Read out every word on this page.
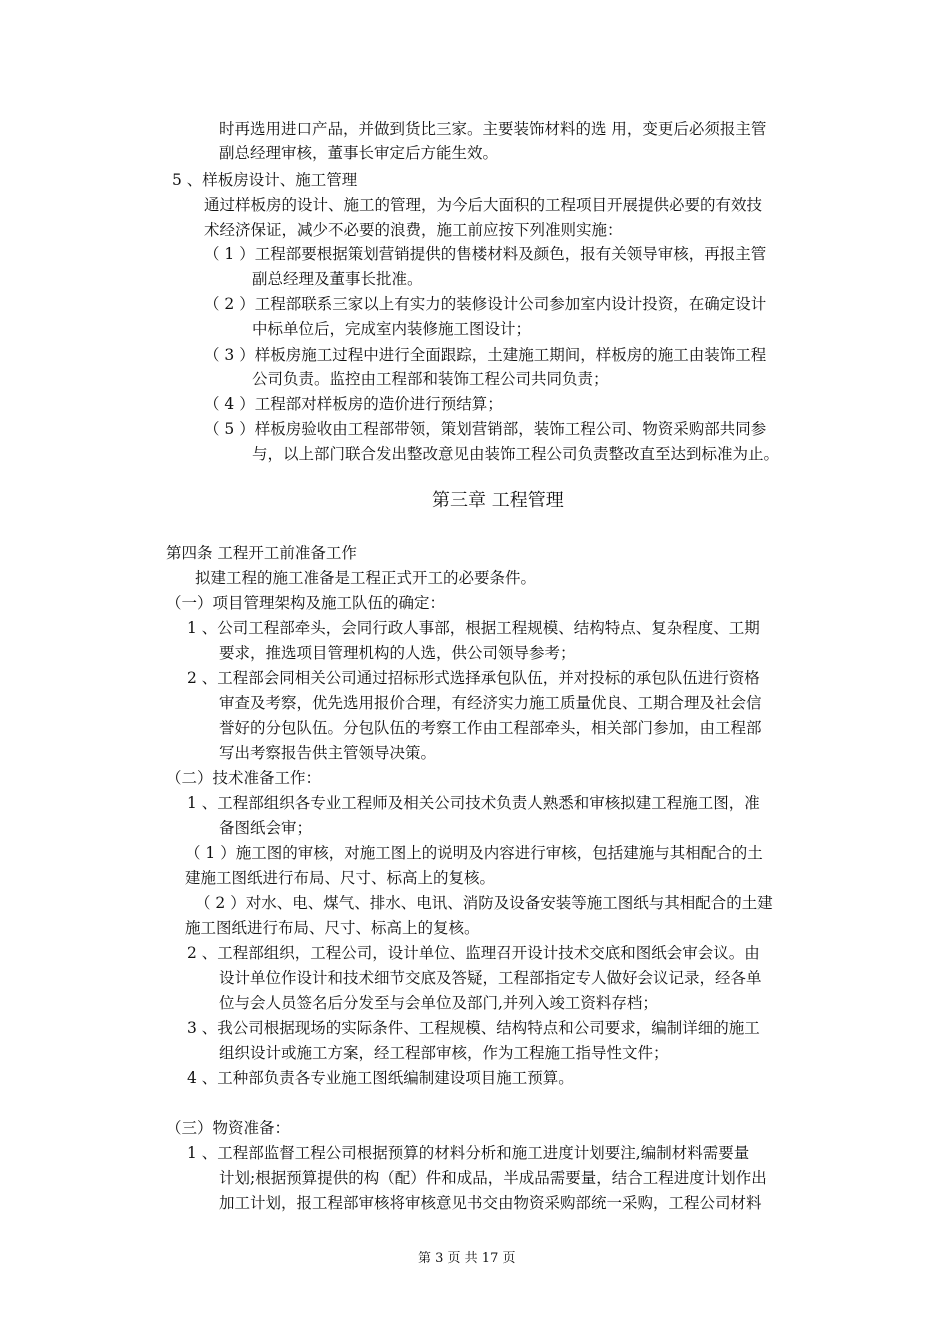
时再选用进口产品，并做到货比三家。主要装饰材料的选 用，变更后必须报主管
副总经理审核，董事长审定后方能生效。
5 、样板房设计、施工管理
通过样板房的设计、施工的管理，为今后大面积的工程项目开展提供必要的有效技
术经济保证，减少不必要的浪费，施工前应按下列准则实施：
（ 1 ）工程部要根据策划营销提供的售楼材料及颜色，报有关领导审核，再报主管
副总经理及董事长批准。
（ 2 ）工程部联系三家以上有实力的装修设计公司参加室内设计投资，在确定设计
中标单位后，完成室内装修施工图设计；
（ 3 ）样板房施工过程中进行全面跟踪，土建施工期间，样板房的施工由装饰工程
公司负责。监控由工程部和装饰工程公司共同负责；
（ 4 ）工程部对样板房的造价进行预结算；
（ 5 ）样板房验收由工程部带领，策划营销部，装饰工程公司、物资采购部共同参
与，以上部门联合发出整改意见由装饰工程公司负责整改直至达到标准为止。
第三章 工程管理
第四条 工程开工前准备工作
拟建工程的施工准备是工程正式开工的必要条件。
（一）项目管理架构及施工队伍的确定：
1 、公司工程部牵头，会同行政人事部，根据工程规模、结构特点、复杂程度、工期
要求，推选项目管理机构的人选，供公司领导参考；
2 、工程部会同相关公司通过招标形式选择承包队伍，并对投标的承包队伍进行资格
审查及考察，优先选用报价合理，有经济实力施工质量优良、工期合理及社会信
誉好的分包队伍。分包队伍的考察工作由工程部牵头，相关部门参加，由工程部
写出考察报告供主管领导决策。
（二）技术准备工作：
1 、工程部组织各专业工程师及相关公司技术负责人熟悉和审核拟建工程施工图，准
备图纸会审；
（ 1 ）施工图的审核，对施工图上的说明及内容进行审核，包括建施与其相配合的土
建施工图纸进行布局、尺寸、标高上的复核。
（ 2 ）对水、电、煤气、排水、电讯、消防及设备安装等施工图纸与其相配合的土建
施工图纸进行布局、尺寸、标高上的复核。
2 、工程部组织，工程公司，设计单位、监理召开设计技术交底和图纸会审会议。由
设计单位作设计和技术细节交底及答疑，工程部指定专人做好会议记录，经各单
位与会人员签名后分发至与会单位及部门,并列入竣工资料存档；
3 、我公司根据现场的实际条件、工程规模、结构特点和公司要求，编制详细的施工
组织设计或施工方案，经工程部审核，作为工程施工指导性文件；
4 、工种部负责各专业施工图纸编制建设项目施工预算。
（三）物资准备：
1 、工程部监督工程公司根据预算的材料分析和施工进度计划要注,编制材料需要量
计划;根据预算提供的构（配）件和成品，半成品需要量，结合工程进度计划作出
加工计划，报工程部审核将审核意见书交由物资采购部统一采购，工程公司材料
第 3 页 共 17 页
